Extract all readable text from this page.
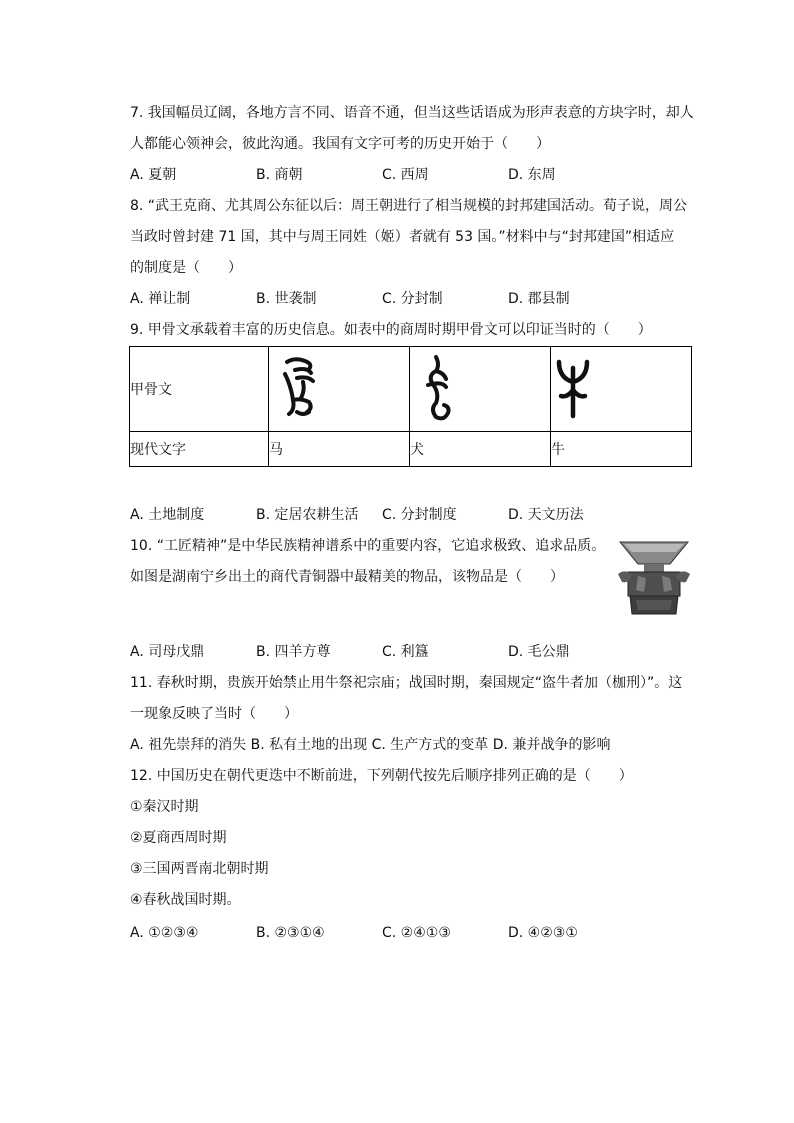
7. 我国幅员辽阔，各地方言不同、语音不通，但当这些话语成为形声表意的方块字时，却人
人都能心领神会，彼此沟通。我国有文字可考的历史开始于（　　）
A. 夏朝	B. 商朝	C. 西周	D. 东周
8. “武王克商、尤其周公东征以后：周王朝进行了相当规模的封邦建国活动。荀子说，周公
当政时曾封建 71 国，其中与周王同姓（姬）者就有 53 国。”材料中与“封邦建国”相适应
的制度是（　　）
A. 禅让制	B. 世袭制	C. 分封制	D. 郡县制
9. 甲骨文承载着丰富的历史信息。如表中的商周时期甲骨文可以印证当时的（　　）
甲骨文	

现代文字	马	犬	牛
A. 土地制度	B. 定居农耕生活 C. 分封制度	D. 天文历法
10. “工匠精神”是中华民族精神谱系中的重要内容，它追求极致、追求品质。
如图是湖南宁乡出土的商代青铜器中最精美的物品，该物品是（　　）
A. 司母戊鼎	B. 四羊方尊	C. 利簋	D. 毛公鼎
11. 春秋时期，贵族开始禁止用牛祭祀宗庙；战国时期，秦国规定“盗牛者加（枷刑）”。这
一现象反映了当时（　　）
A. 祖先崇拜的消失 B. 私有土地的出现 C. 生产方式的变革 D. 兼并战争的影响
12. 中国历史在朝代更迭中不断前进，下列朝代按先后顺序排列正确的是（　　）
①秦汉时期
②夏商西周时期
③三国两晋南北朝时期
④春秋战国时期。
A. ①②③④	B. ②③①④	C. ②④①③	D. ④②③①
